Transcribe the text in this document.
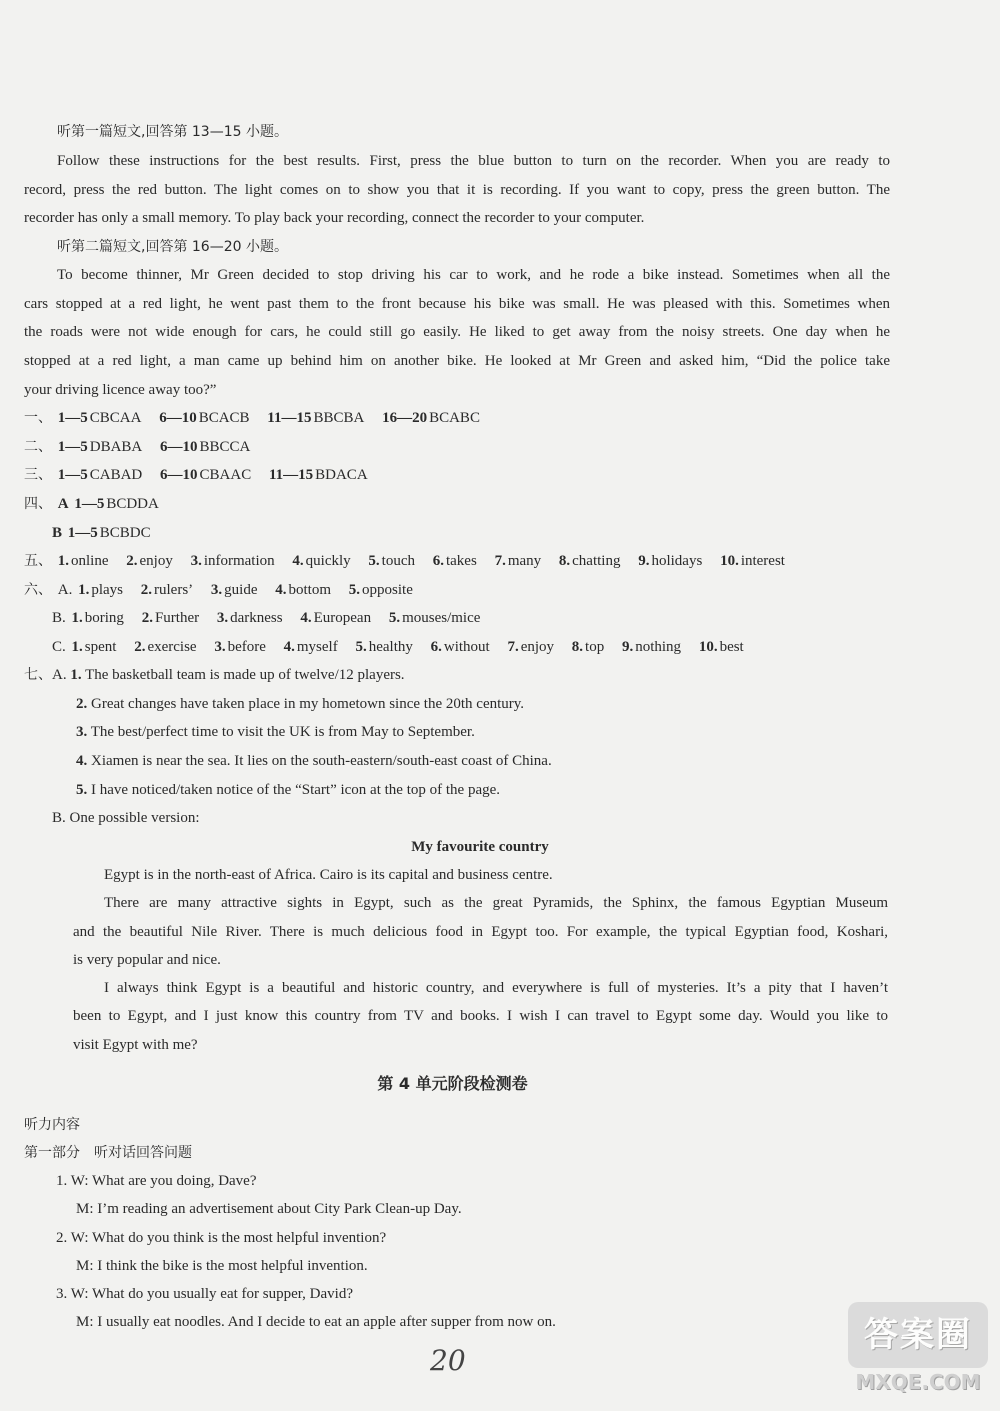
听第一篇短文,回答第 13—15 小题。
Follow these instructions for the best results. First, press the blue button to turn on the recorder. When you are ready to
record, press the red button. The light comes on to show you that it is recording. If you want to copy, press the green button. The
recorder has only a small memory. To play back your recording, connect the recorder to your computer.
听第二篇短文,回答第 16—20 小题。
To become thinner, Mr Green decided to stop driving his car to work, and he rode a bike instead. Sometimes when all the
cars stopped at a red light, he went past them to the front because his bike was small. He was pleased with this. Sometimes when
the roads were not wide enough for cars, he could still go easily. He liked to get away from the noisy streets. One day when he
stopped at a red light, a man came up behind him on another bike. He looked at Mr Green and asked him, “Did the police take
your driving licence away too?”
一、 1—5 CBCAA 6—10 BCACB 11—15 BBCBA 16—20 BCABC
二、 1—5 DBABA 6—10 BBCCA
三、 1—5 CABAD 6—10 CBAAC 11—15 BDACA
四、 A 1—5 BCDDA
B 1—5 BCBDC
五、 1. online 2. enjoy 3. information 4. quickly 5. touch 6. takes 7. many 8. chatting 9. holidays 10. interest
六、 A. 1. plays 2. rulers’ 3. guide 4. bottom 5. opposite
B. 1. boring 2. Further 3. darkness 4. European 5. mouses/mice
C. 1. spent 2. exercise 3. before 4. myself 5. healthy 6. without 7. enjoy 8. top 9. nothing 10. best
七、A. 1. The basketball team is made up of twelve/12 players.
2. Great changes have taken place in my hometown since the 20th century.
3. The best/perfect time to visit the UK is from May to September.
4. Xiamen is near the sea. It lies on the south-eastern/south-east coast of China.
5. I have noticed/taken notice of the “Start” icon at the top of the page.
B. One possible version:
My favourite country
Egypt is in the north-east of Africa. Cairo is its capital and business centre.
There are many attractive sights in Egypt, such as the great Pyramids, the Sphinx, the famous Egyptian Museum
and the beautiful Nile River. There is much delicious food in Egypt too. For example, the typical Egyptian food, Koshari,
is very popular and nice.
I always think Egypt is a beautiful and historic country, and everywhere is full of mysteries. It’s a pity that I haven’t
been to Egypt, and I just know this country from TV and books. I wish I can travel to Egypt some day. Would you like to
visit Egypt with me?
第 4 单元阶段检测卷
听力内容
第一部分　听对话回答问题
1. W: What are you doing, Dave?
M: I’m reading an advertisement about City Park Clean-up Day.
2. W: What do you think is the most helpful invention?
M: I think the bike is the most helpful invention.
3. W: What do you usually eat for supper, David?
M: I usually eat noodles. And I decide to eat an apple after supper from now on.
20
答案圈
MXQE.COM
